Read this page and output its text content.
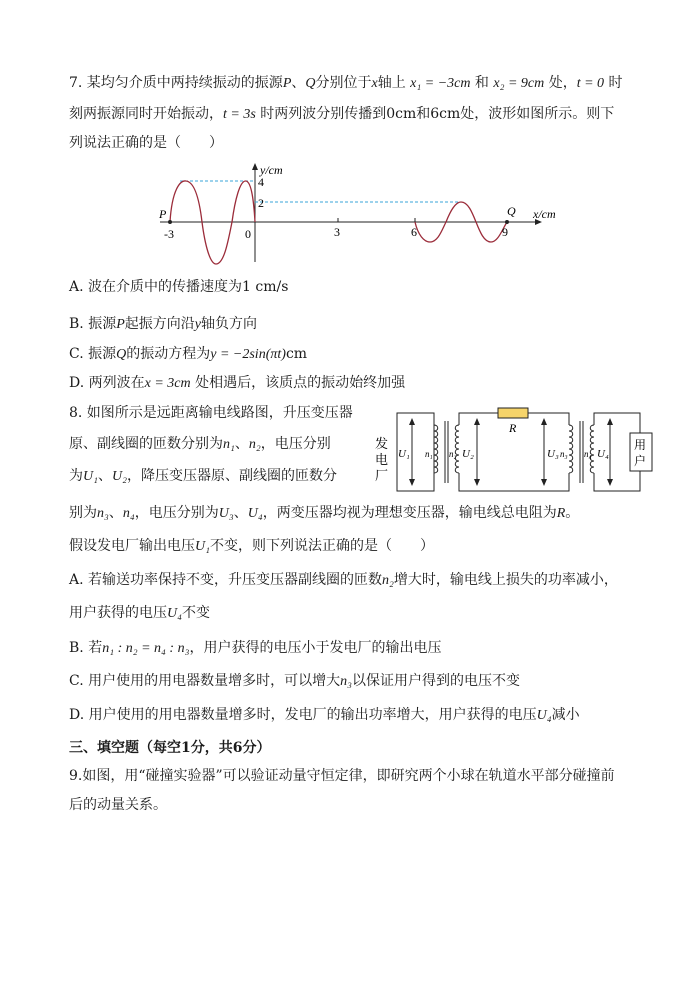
7. 某均匀介质中两持续振动的振源P、Q分别位于x轴上 x₁ = −3cm 和 x₂ = 9cm 处，t = 0 时
刻两振源同时开始振动，t = 3s 时两列波分别传播到0cm和6cm处，波形如图所示。则下
列说法正确的是（　　）
y/cm
x/cm
4
2
-3	0	3	6	9
P	Q
A. 波在介质中的传播速度为1 cm/s
B. 振源P起振方向沿y轴负方向
C. 振源Q的振动方程为y = −2sin(πt)cm
D. 两列波在x = 3cm 处相遇后，该质点的振动始终加强
8. 如图所示是远距离输电线路图，升压变压器
原、副线圈的匝数分别为n₁、n₂，电压分别
为U₁、U₂，降压变压器原、副线圈的匝数分
别为n₃、n₄，电压分别为U₃、U₄，两变压器均视为理想变压器，输电线总电阻为R。
假设发电厂输出电压U₁不变，则下列说法正确的是（　　）
R
发
电
厂
U₁ n₁ n₂ U₂	U₃ n₃ n₄ U₄
用
户
A. 若输送功率保持不变，升压变压器副线圈的匝数n₂增大时，输电线上损失的功率减小，
用户获得的电压U₄不变
B. 若n₁ : n₂ = n₄ : n₃，用户获得的电压小于发电厂的输出电压
C. 用户使用的用电器数量增多时，可以增大n₃以保证用户得到的电压不变
D. 用户使用的用电器数量增多时，发电厂的输出功率增大，用户获得的电压U₄减小
三、填空题（每空1分，共6分）
9.如图，用“碰撞实验器”可以验证动量守恒定律，即研究两个小球在轨道水平部分碰撞前
后的动量关系。
